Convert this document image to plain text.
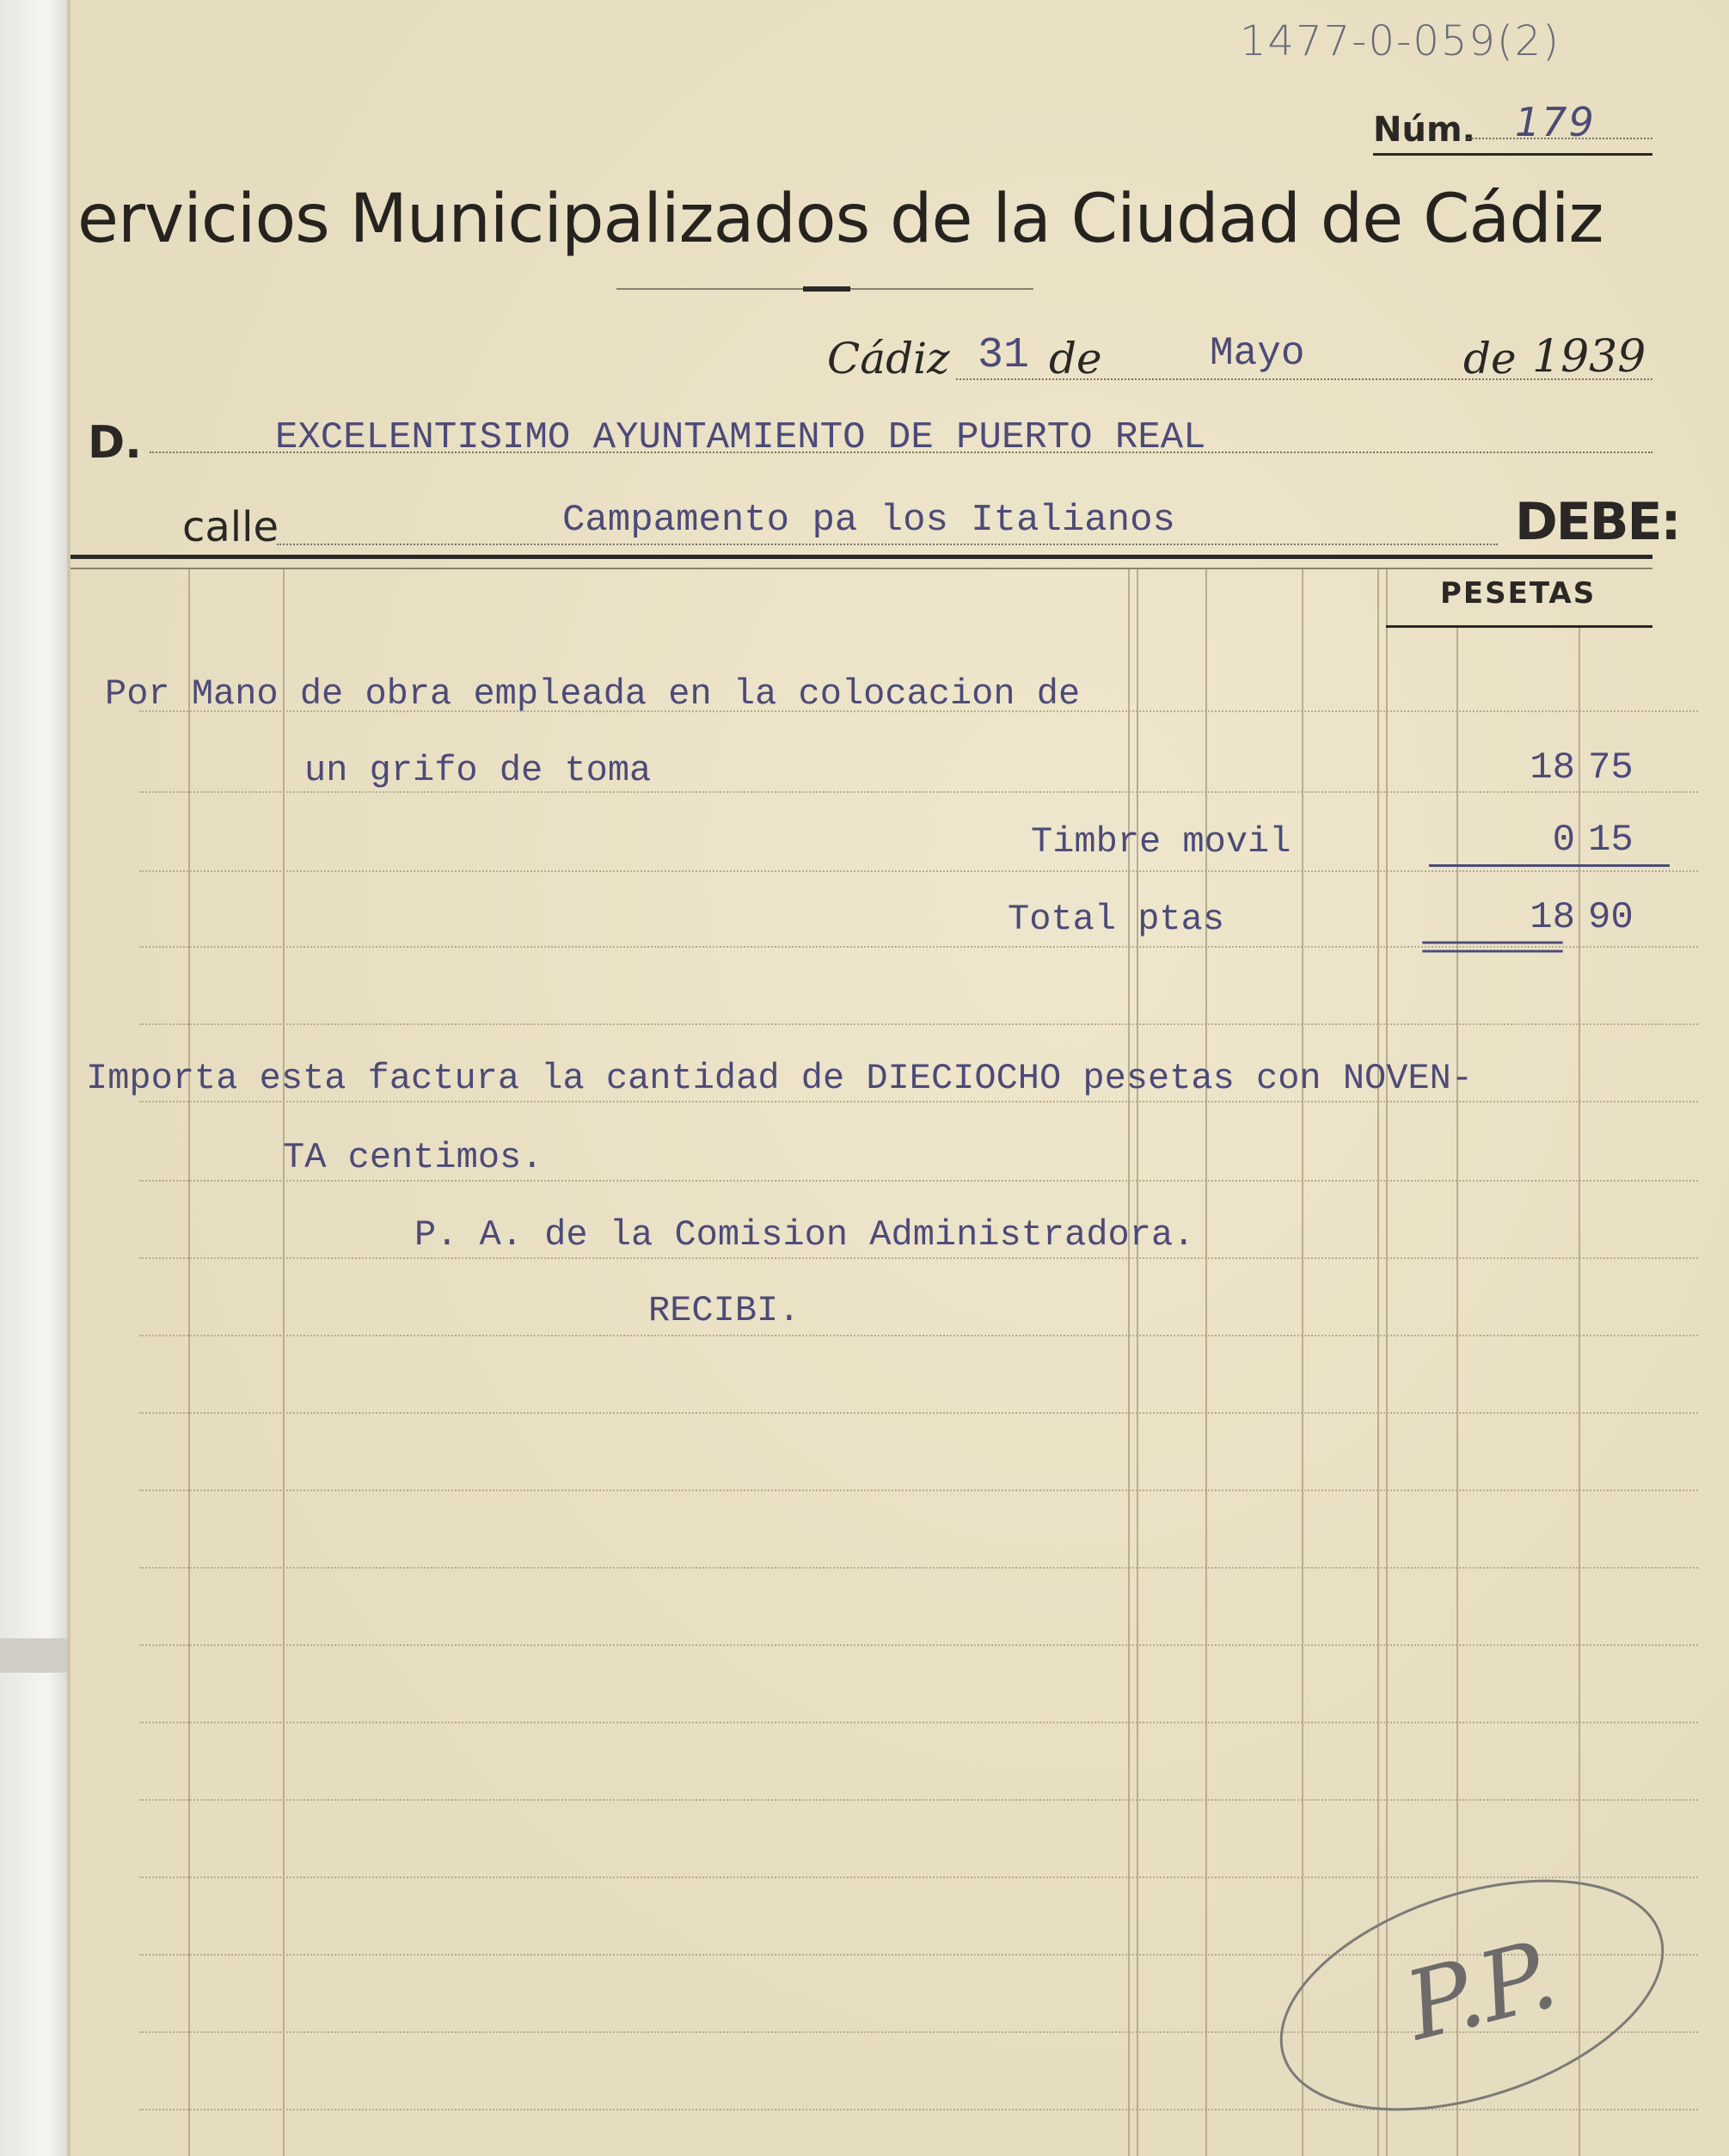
1477-0-059(2)
Núm. 179
ervicios Municipalizados de la Ciudad de Cádiz
Cádiz 31 de	Mayo	de 1939
D.	EXCELENTISIMO AYUNTAMIENTO DE PUERTO REAL
calle	Campamento pa los Italianos	DEBE:
PESETAS
Por Mano de obra empleada en la colocacion de
un grifo de toma	18 75
Timbre movil	0 15
Total ptas	18 90
=========
Importa esta factura la cantidad de DIECIOCHO pesetas con NOVEN-
TA centimos.
P. A. de la Comision Administradora.
RECIBI.
P.P.
